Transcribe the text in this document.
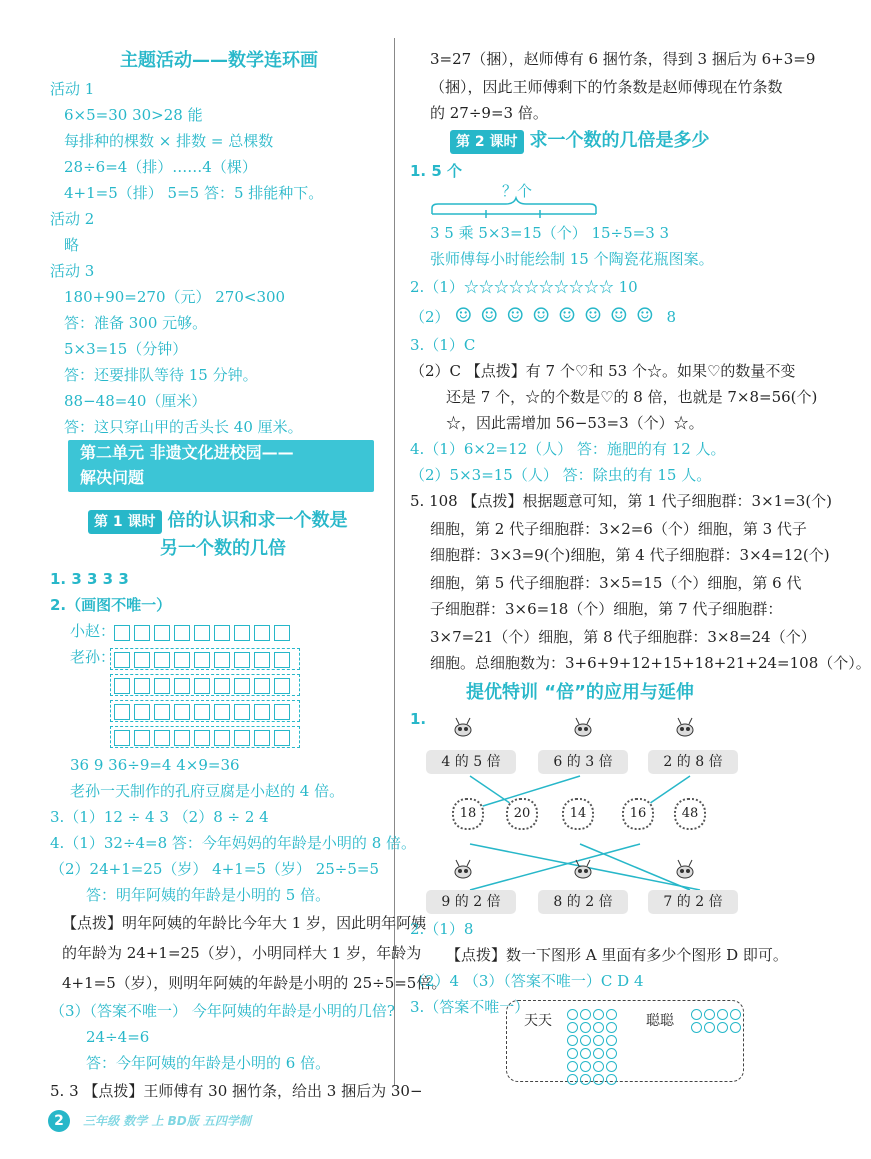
主题活动——数学连环画
活动 1
6×5=30 30>28 能
每排种的棵数 × 排数 = 总棵数
28÷6=4（排）……4（棵）
4+1=5（排） 5=5 答：5 排能种下。
活动 2
略
活动 3
180+90=270（元） 270<300
答：准备 300 元够。
5×3=15（分钟）
答：还要排队等待 15 分钟。
88−48=40（厘米）
答：这只穿山甲的舌头长 40 厘米。
第二单元 非遗文化进校园——
解决问题
第 1 课时 倍的认识和求一个数是
另一个数的几倍
1. 3 3 3 3
2.（画图不唯一）
小赵：
老孙：
36 9 36÷9=4 4×9=36
老孙一天制作的孔府豆腐是小赵的 4 倍。
3.（1）12 ÷ 4 3 （2）8 ÷ 2 4
4.（1）32÷4=8 答：今年妈妈的年龄是小明的 8 倍。
（2）24+1=25（岁） 4+1=5（岁） 25÷5=5
答：明年阿姨的年龄是小明的 5 倍。
【点拨】明年阿姨的年龄比今年大 1 岁，因此明年阿姨
的年龄为 24+1=25（岁），小明同样大 1 岁，年龄为
4+1=5（岁），则明年阿姨的年龄是小明的 25÷5=5倍。
（3）（答案不唯一） 今年阿姨的年龄是小明的几倍?
24÷4=6
答：今年阿姨的年龄是小明的 6 倍。
5. 3 【点拨】王师傅有 30 捆竹条，给出 3 捆后为 30−
3=27（捆），赵师傅有 6 捆竹条，得到 3 捆后为 6+3=9
（捆），因此王师傅剩下的竹条数是赵师傅现在竹条数
的 27÷9=3 倍。
第 2 课时 求一个数的几倍是多少
1. 5 个
？个
3 5 乘 5×3=15（个） 15÷5=3 3
张师傅每小时能绘制 15 个陶瓷花瓶图案。
2.（1）☆☆☆☆☆☆☆☆☆☆ 10
（2） ☺☺☺☺☺☺☺☺ 8
3.（1）C
（2）C 【点拨】有 7 个♡和 53 个☆。如果♡的数量不变
还是 7 个，☆的个数是♡的 8 倍，也就是 7×8=56(个)
☆，因此需增加 56−53=3（个）☆。
4.（1）6×2=12（人） 答：施肥的有 12 人。
（2）5×3=15（人） 答：除虫的有 15 人。
5. 108 【点拨】根据题意可知，第 1 代子细胞群：3×1=3(个)
细胞，第 2 代子细胞群：3×2=6（个）细胞，第 3 代子
细胞群：3×3=9(个)细胞，第 4 代子细胞群：3×4=12(个)
细胞，第 5 代子细胞群：3×5=15（个）细胞，第 6 代
子细胞群：3×6=18（个）细胞，第 7 代子细胞群：
3×7=21（个）细胞，第 8 代子细胞群：3×8=24（个）
细胞。总细胞数为：3+6+9+12+15+18+21+24=108（个）。
提优特训 “倍”的应用与延伸
1.
4 的 5 倍	6 的 3 倍	2 的 8 倍
18	20	14	16	48
9 的 2 倍	8 的 2 倍	7 的 2 倍
2.（1）8
【点拨】数一下图形 A 里面有多少个图形 D 即可。
（2）4 （3）（答案不唯一）C D 4
3.（答案不唯一）
天天
	聪聪

2 三年级 数学 上 BD版 五四学制
